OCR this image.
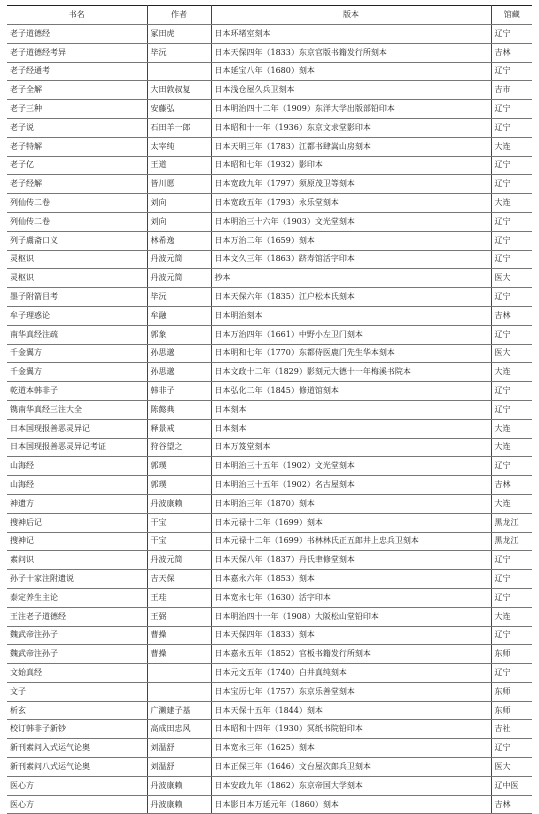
书名	作者	版本	馆藏
老子道德经	冢田虎	日本环堵室刻本	辽宁
老子道德经考异	毕沅	日本天保四年（1833）东京官版书籍发行所刻本	吉林
老子经通考		日本延宝八年（1680）刻本	辽宁
老子全解	大田敦叔复	日本浅仓屋久兵卫刻本	吉市
老子三种	安藤弘	日本明治四十二年（1909）东洋大学出版部铅印本	辽宁
老子说	石田羊一郎	日本昭和十一年（1936）东京文求堂影印本	辽宁
老子特解	太宰纯	日本天明三年（1783）江都书肆嵩山房刻本	大连
老子亿	王道	日本昭和七年（1932）影印本	辽宁
老子经解	皆川愿	日本宽政九年（1797）须原茂卫等刻本	辽宁
列仙传二卷	刘向	日本宽政五年（1793）永乐堂刻本	大连
列仙传二卷	刘向	日本明治三十六年（1903）文光堂刻本	辽宁
列子鬳斋口义	林希逸	日本万治二年（1659）刻本	辽宁
灵枢识	丹波元简	日本文久三年（1863）跻寿馆活字印本	辽宁
灵枢识	丹波元简	抄本	医大
墨子附箭目考	毕沅	日本天保六年（1835）江户松本氏刻本	辽宁
牟子理惑论	牟融	日本明治刻本	吉林
南华真经注疏	郭象	日本万治四年（1661）中野小左卫门刻本	辽宁
千金翼方	孙思邈	日本明和七年（1770）东都侍医鹿门先生华本刻本	医大
千金翼方	孙思邈	日本文政十二年（1829）影刻元大德十一年梅溪书院本	大连
乾道本韩非子	韩非子	日本弘化二年（1845）修道馆刻本	辽宁
镌南华真经三注大全	陈懿典	日本刻本	辽宁
日本国现报善恶灵异记	释景戒	日本刻本	大连
日本国现报善恶灵异记考证	狩谷望之	日本万笈堂刻本	大连
山海经	郭璞	日本明治三十五年（1902）文光堂刻本	辽宁
山海经	郭璞	日本明治三十五年（1902）名古屋刻本	吉林
神遗方	丹波康赖	日本明治三年（1870）刻本	大连
搜神后记	干宝	日本元禄十二年（1699）刻本	黑龙江
搜神记	干宝	日本元禄十二年（1699）书林林氏正五郎井上忠兵卫刻本	黑龙江
素问识	丹波元简	日本天保八年（1837）丹氏聿修堂刻本	辽宁
孙子十家注附遗说	吉天保	日本嘉永六年（1853）刻本	辽宁
泰定养生主论	王珪	日本宽永七年（1630）活字印本	辽宁
王注老子道德经	王弼	日本明治四十一年（1908）大阪松山堂铅印本	大连
魏武帝注孙子	曹操	日本天保四年（1833）刻本	辽宁
魏武帝注孙子	曹操	日本嘉永五年（1852）官板书籍发行所刻本	东师
文始真经		日本元文五年（1740）白井真纯刻本	辽宁
文子		日本宝历七年（1757）东京乐善堂刻本	东师
析玄	广濑建子基	日本天保十五年（1844）刻本	东师
校订韩非子新钞	高成田忠风	日本昭和十四年（1930）冥纸书院铅印本	吉社
新刊素问入式运气论奥	刘温舒	日本宽永三年（1625）刻本	辽宁
新刊素问八式运气论奥	刘温舒	日本正保三年（1646）文台屋次郎兵卫刻本	医大
医心方	丹波康赖	日本安政九年（1862）东京帝国大学刻本	辽中医
医心方	丹波康赖	日本影日本万延元年（1860）刻本	吉林
